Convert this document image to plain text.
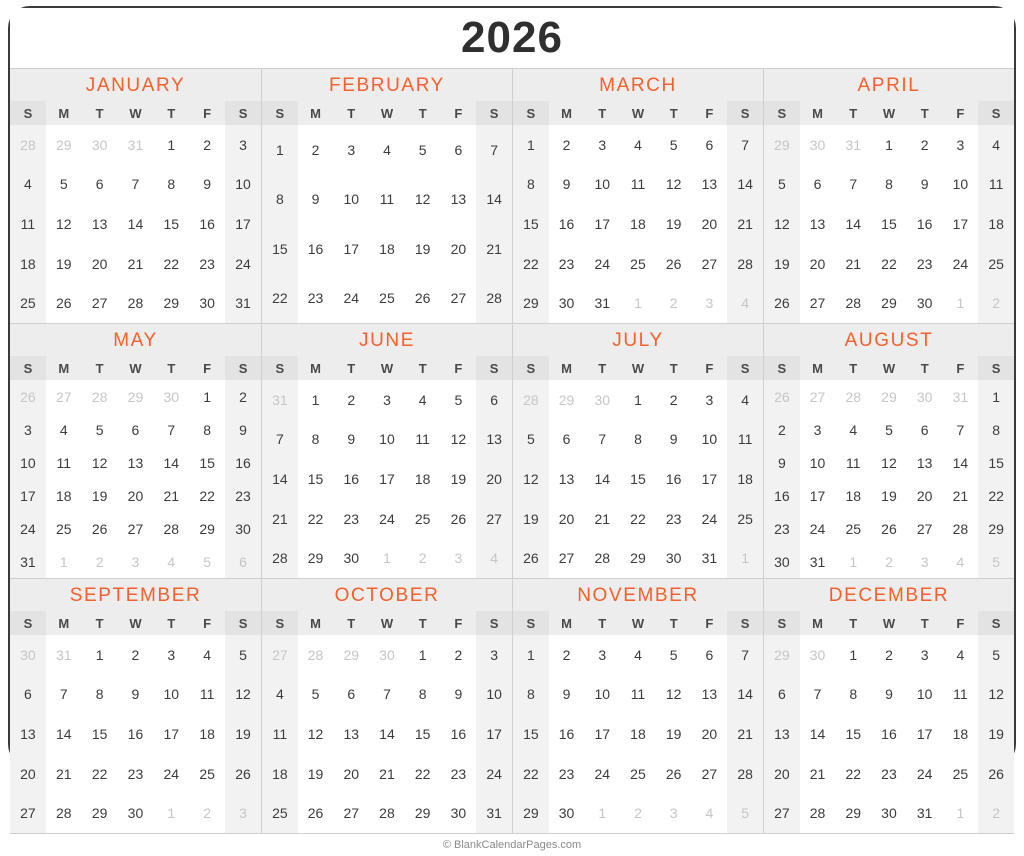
2026
JANUARY
S	M	T	W	T	F	S
28	29	30	31	1	2	3
4	5	6	7	8	9	10
11	12	13	14	15	16	17
18	19	20	21	22	23	24
25	26	27	28	29	30	31
FEBRUARY
S	M	T	W	T	F	S
1	2	3	4	5	6	7
8	9	10	11	12	13	14
15	16	17	18	19	20	21
22	23	24	25	26	27	28
MARCH
S	M	T	W	T	F	S
1	2	3	4	5	6	7
8	9	10	11	12	13	14
15	16	17	18	19	20	21
22	23	24	25	26	27	28
29	30	31	1	2	3	4
APRIL
S	M	T	W	T	F	S
29	30	31	1	2	3	4
5	6	7	8	9	10	11
12	13	14	15	16	17	18
19	20	21	22	23	24	25
26	27	28	29	30	1	2
MAY
S	M	T	W	T	F	S
26	27	28	29	30	1	2
3	4	5	6	7	8	9
10	11	12	13	14	15	16
17	18	19	20	21	22	23
24	25	26	27	28	29	30
31	1	2	3	4	5	6
JUNE
S	M	T	W	T	F	S
31	1	2	3	4	5	6
7	8	9	10	11	12	13
14	15	16	17	18	19	20
21	22	23	24	25	26	27
28	29	30	1	2	3	4
JULY
S	M	T	W	T	F	S
28	29	30	1	2	3	4
5	6	7	8	9	10	11
12	13	14	15	16	17	18
19	20	21	22	23	24	25
26	27	28	29	30	31	1
AUGUST
S	M	T	W	T	F	S
26	27	28	29	30	31	1
2	3	4	5	6	7	8
9	10	11	12	13	14	15
16	17	18	19	20	21	22
23	24	25	26	27	28	29
30	31	1	2	3	4	5
SEPTEMBER
S	M	T	W	T	F	S
30	31	1	2	3	4	5
6	7	8	9	10	11	12
13	14	15	16	17	18	19
20	21	22	23	24	25	26
27	28	29	30	1	2	3
OCTOBER
S	M	T	W	T	F	S
27	28	29	30	1	2	3
4	5	6	7	8	9	10
11	12	13	14	15	16	17
18	19	20	21	22	23	24
25	26	27	28	29	30	31
NOVEMBER
S	M	T	W	T	F	S
1	2	3	4	5	6	7
8	9	10	11	12	13	14
15	16	17	18	19	20	21
22	23	24	25	26	27	28
29	30	1	2	3	4	5
DECEMBER
S	M	T	W	T	F	S
29	30	1	2	3	4	5
6	7	8	9	10	11	12
13	14	15	16	17	18	19
20	21	22	23	24	25	26
27	28	29	30	31	1	2
© BlankCalendarPages.com
